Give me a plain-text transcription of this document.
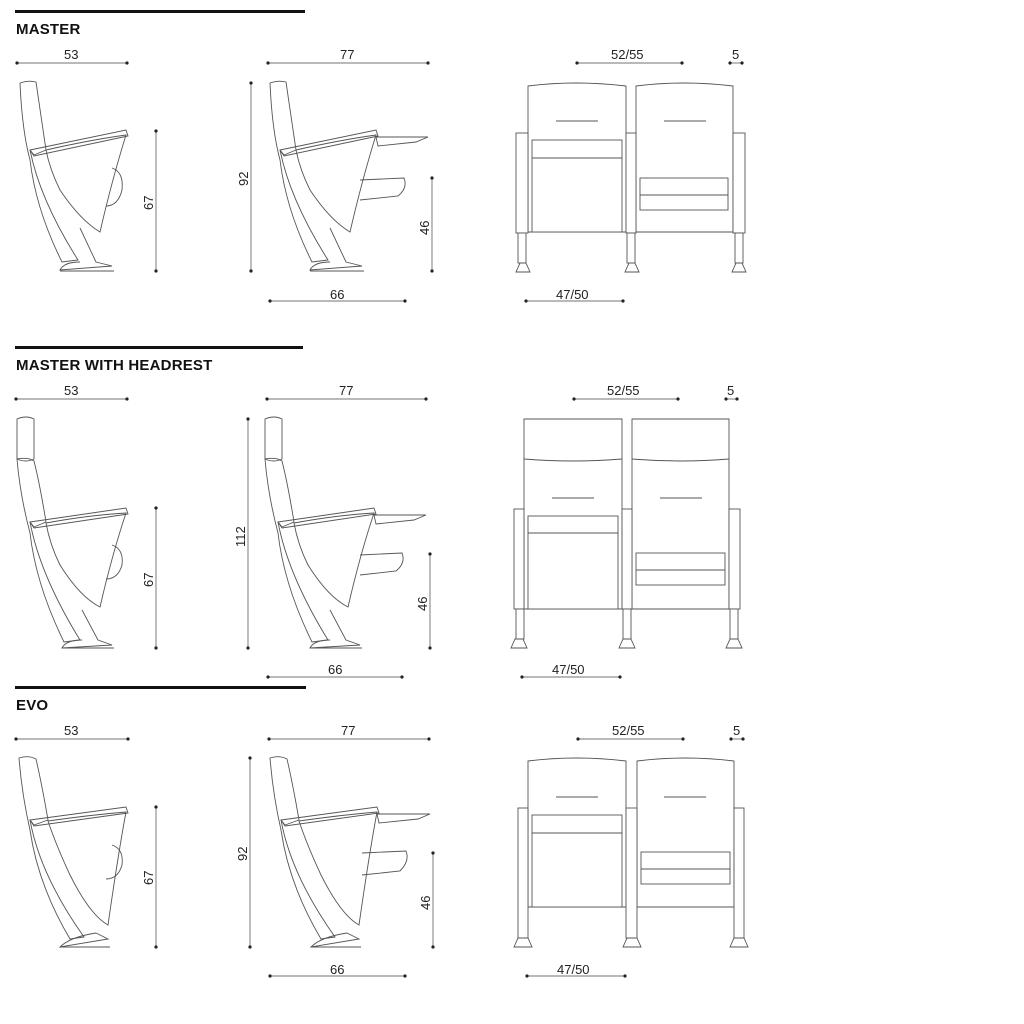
MASTER
53
67
77
92
46
66
52/55	5
47/50
MASTER WITH HEADREST
53
67
77
112
46
66
52/55	5
47/50
EVO
53
67
77
92
46
66
52/55	5
47/50
